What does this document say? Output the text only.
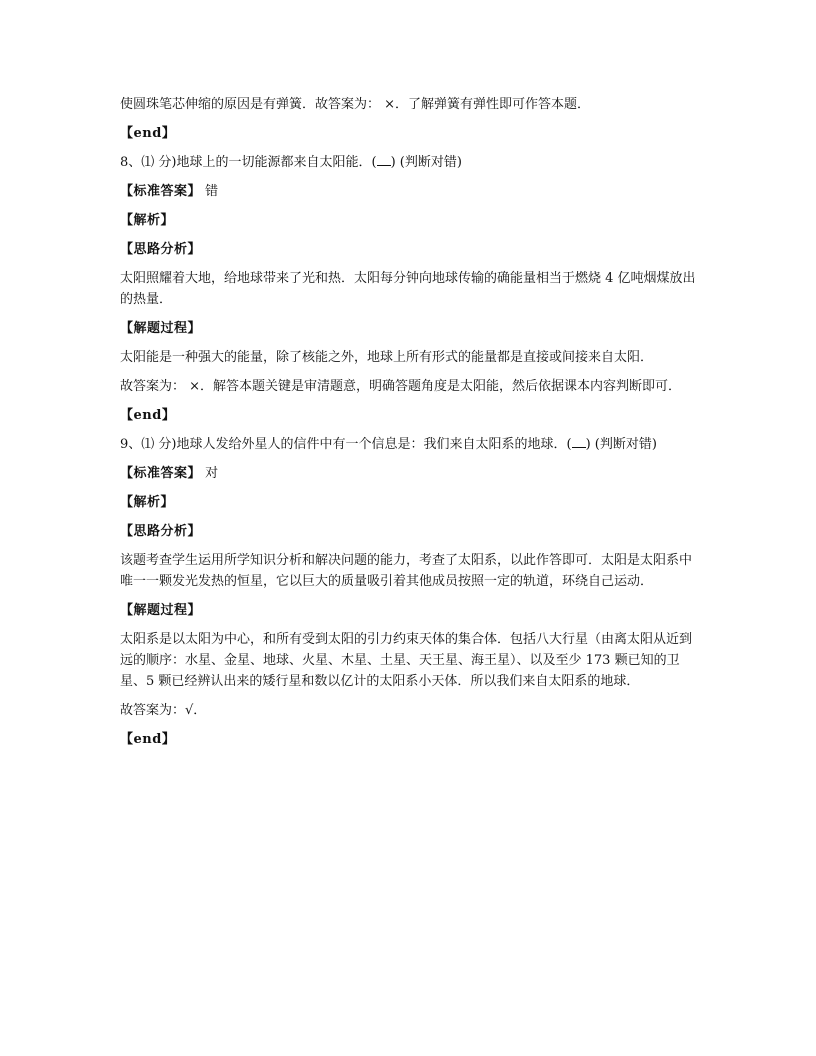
使圆珠笔芯伸缩的原因是有弹簧．故答案为： ×．了解弹簧有弹性即可作答本题．

【end】

8、⑴ 分)地球上的一切能源都来自太阳能．( ) (判断对错)

【标准答案】 错

【解析】

【思路分析】

太阳照耀着大地，给地球带来了光和热．太阳每分钟向地球传输的确能量相当于燃烧 4 亿吨烟煤放出的热量．

【解题过程】

太阳能是一种强大的能量，除了核能之外，地球上所有形式的能量都是直接或间接来自太阳．

故答案为： ×．解答本题关键是审清题意，明确答题角度是太阳能，然后依据课本内容判断即可．

【end】

9、⑴ 分)地球人发给外星人的信件中有一个信息是：我们来自太阳系的地球．( ) (判断对错)

【标准答案】 对

【解析】

【思路分析】

该题考查学生运用所学知识分析和解决问题的能力，考查了太阳系，以此作答即可．太阳是太阳系中唯一一颗发光发热的恒星，它以巨大的质量吸引着其他成员按照一定的轨道，环绕自己运动．

【解题过程】

太阳系是以太阳为中心，和所有受到太阳的引力约束天体的集合体．包括八大行星（由离太阳从近到远的顺序：水星、金星、地球、火星、木星、土星、天王星、海王星）、以及至少 173 颗已知的卫星、5 颗已经辨认出来的矮行星和数以亿计的太阳系小天体．所以我们来自太阳系的地球．

故答案为：√．

【end】
